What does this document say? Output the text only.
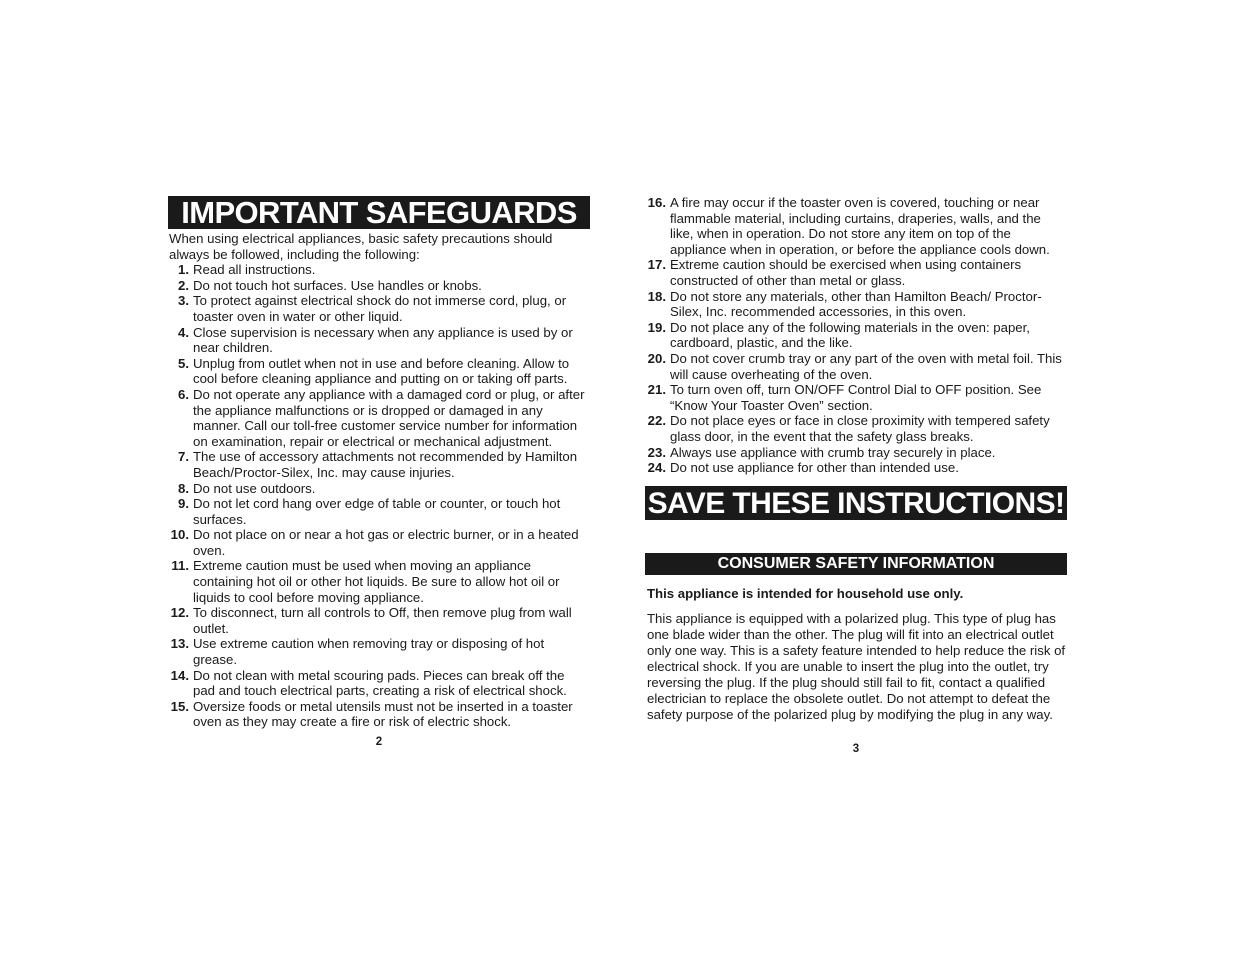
IMPORTANT SAFEGUARDS
When using electrical appliances, basic safety precautions should always be followed, including the following:
1. Read all instructions.
2. Do not touch hot surfaces. Use handles or knobs.
3. To protect against electrical shock do not immerse cord, plug, or toaster oven in water or other liquid.
4. Close supervision is necessary when any appliance is used by or near children.
5. Unplug from outlet when not in use and before cleaning. Allow to cool before cleaning appliance and putting on or taking off parts.
6. Do not operate any appliance with a damaged cord or plug, or after the appliance malfunctions or is dropped or damaged in any manner. Call our toll-free customer service number for information on examination, repair or electrical or mechanical adjustment.
7. The use of accessory attachments not recommended by Hamilton Beach/Proctor-Silex, Inc. may cause injuries.
8. Do not use outdoors.
9. Do not let cord hang over edge of table or counter, or touch hot surfaces.
10. Do not place on or near a hot gas or electric burner, or in a heated oven.
11. Extreme caution must be used when moving an appliance containing hot oil or other hot liquids. Be sure to allow hot oil or liquids to cool before moving appliance.
12. To disconnect, turn all controls to Off, then remove plug from wall outlet.
13. Use extreme caution when removing tray or disposing of hot grease.
14. Do not clean with metal scouring pads. Pieces can break off the pad and touch electrical parts, creating a risk of electrical shock.
15. Oversize foods or metal utensils must not be inserted in a toaster oven as they may create a fire or risk of electric shock.
2
16. A fire may occur if the toaster oven is covered, touching or near flammable material, including curtains, draperies, walls, and the like, when in operation. Do not store any item on top of the appliance when in operation, or before the appliance cools down.
17. Extreme caution should be exercised when using containers constructed of other than metal or glass.
18. Do not store any materials, other than Hamilton Beach/ Proctor-Silex, Inc. recommended accessories, in this oven.
19. Do not place any of the following materials in the oven: paper, cardboard, plastic, and the like.
20. Do not cover crumb tray or any part of the oven with metal foil. This will cause overheating of the oven.
21. To turn oven off, turn ON/OFF Control Dial to OFF position. See “Know Your Toaster Oven” section.
22. Do not place eyes or face in close proximity with tempered safety glass door, in the event that the safety glass breaks.
23. Always use appliance with crumb tray securely in place.
24. Do not use appliance for other than intended use.
SAVE THESE INSTRUCTIONS!
CONSUMER SAFETY INFORMATION
This appliance is intended for household use only.
This appliance is equipped with a polarized plug. This type of plug has one blade wider than the other. The plug will fit into an electrical outlet only one way. This is a safety feature intended to help reduce the risk of electrical shock. If you are unable to insert the plug into the outlet, try reversing the plug. If the plug should still fail to fit, contact a qualified electrician to replace the obsolete outlet. Do not attempt to defeat the safety purpose of the polarized plug by modifying the plug in any way.
3
